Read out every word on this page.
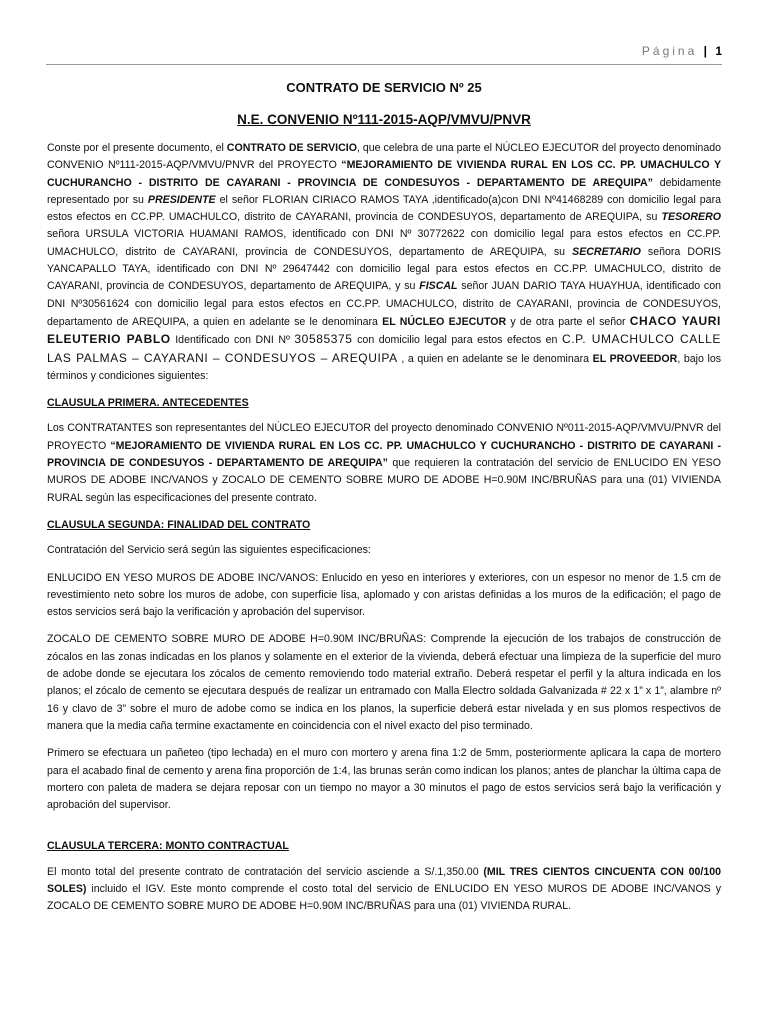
Página | 1
CONTRATO DE SERVICIO Nº 25
N.E. CONVENIO Nº111-2015-AQP/VMVU/PNVR

Conste por el presente documento, el CONTRATO DE SERVICIO, que celebra de una parte el NÚCLEO EJECUTOR del proyecto denominado CONVENIO Nº111-2015-AQP/VMVU/PNVR del PROYECTO “MEJORAMIENTO DE VIVIENDA RURAL EN LOS CC. PP. UMACHULCO Y CUCHURANCHO - DISTRITO DE CAYARANI - PROVINCIA DE CONDESUYOS - DEPARTAMENTO DE AREQUIPA” debidamente representado por su PRESIDENTE el señor FLORIAN CIRIACO RAMOS TAYA ,identificado(a)con DNI Nº41468289 con domicilio legal para estos efectos en CC.PP. UMACHULCO, distrito de CAYARANI, provincia de CONDESUYOS, departamento de AREQUIPA, su TESORERO señora URSULA VICTORIA HUAMANI RAMOS, identificado con DNI Nº 30772622 con domicilio legal para estos efectos en CC.PP. UMACHULCO, distrito de CAYARANI, provincia de CONDESUYOS, departamento de AREQUIPA, su SECRETARIO señora DORIS YANCAPALLO TAYA, identificado con DNI Nº 29647442 con domicilio legal para estos efectos en CC.PP. UMACHULCO, distrito de CAYARANI, provincia de CONDESUYOS, departamento de AREQUIPA, y su FISCAL señor JUAN DARIO TAYA HUAYHUA, identificado con DNI Nº30561624 con domicilio legal para estos efectos en CC.PP. UMACHULCO, distrito de CAYARANI, provincia de CONDESUYOS, departamento de AREQUIPA, a quien en adelante se le denominara EL NÚCLEO EJECUTOR y de otra parte el señor CHACO YAURI ELEUTERIO PABLO Identificado con DNI Nº 30585375 con domicilio legal para estos efectos en C.P. UMACHULCO CALLE LAS PALMAS – CAYARANI – CONDESUYOS – AREQUIPA , a quien en adelante se le denominara EL PROVEEDOR, bajo los términos y condiciones siguientes:

CLAUSULA PRIMERA. ANTECEDENTES

Los CONTRATANTES son representantes del NÚCLEO EJECUTOR del proyecto denominado CONVENIO Nº011-2015-AQP/VMVU/PNVR del PROYECTO “MEJORAMIENTO DE VIVIENDA RURAL EN LOS CC. PP. UMACHULCO Y CUCHURANCHO - DISTRITO DE CAYARANI - PROVINCIA DE CONDESUYOS - DEPARTAMENTO DE AREQUIPA” que requieren la contratación del servicio de ENLUCIDO EN YESO MUROS DE ADOBE INC/VANOS y ZOCALO DE CEMENTO SOBRE MURO DE ADOBE H=0.90M INC/BRUÑAS para una (01) VIVIENDA RURAL según las especificaciones del presente contrato.

CLAUSULA SEGUNDA: FINALIDAD DEL CONTRATO

Contratación del Servicio será según las siguientes especificaciones:

ENLUCIDO EN YESO MUROS DE ADOBE INC/VANOS: Enlucido en yeso en interiores y exteriores, con un espesor no menor de 1.5 cm de revestimiento neto sobre los muros de adobe, con superficie lisa, aplomado y con aristas definidas a los muros de la edificación; el pago de estos servicios será bajo la verificación y aprobación del supervisor.

ZOCALO DE CEMENTO SOBRE MURO DE ADOBE H=0.90M INC/BRUÑAS: Comprende la ejecución de los trabajos de construcción de zócalos en las zonas indicadas en los planos y solamente en el exterior de la vivienda, deberá efectuar una limpieza de la superficie del muro de adobe donde se ejecutara los zócalos de cemento removiendo todo material extraño. Deberá respetar el perfil y la altura indicada en los planos; el zócalo de cemento se ejecutara después de realizar un entramado con Malla Electro soldada Galvanizada # 22 x 1” x 1”, alambre nº 16 y clavo de 3” sobre el muro de adobe como se indica en los planos, la superficie deberá estar nivelada y en sus plomos respectivos de manera que la media caña termine exactamente en coincidencia con el nivel exacto del piso terminado.

Primero se efectuara un pañeteo (tipo lechada) en el muro con mortero y arena fina 1:2 de 5mm, posteriormente aplicara la capa de mortero para el acabado final de cemento y arena fina proporción de 1:4, las brunas serán como indican los planos; antes de planchar la última capa de mortero con paleta de madera se dejara reposar con un tiempo no mayor a 30 minutos el pago de estos servicios será bajo la verificación y aprobación del supervisor.

CLAUSULA TERCERA: MONTO CONTRACTUAL

El monto total del presente contrato de contratación del servicio asciende a S/.1,350.00 (MIL TRES CIENTOS CINCUENTA CON 00/100 SOLES) incluido el IGV. Este monto comprende el costo total del servicio de ENLUCIDO EN YESO MUROS DE ADOBE INC/VANOS y ZOCALO DE CEMENTO SOBRE MURO DE ADOBE H=0.90M INC/BRUÑAS para una (01) VIVIENDA RURAL.
